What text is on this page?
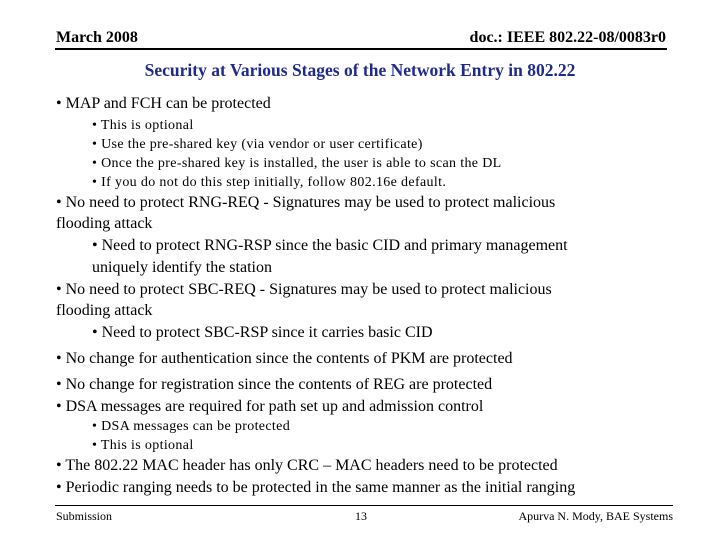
March 2008	doc.: IEEE 802.22-08/0083r0
Security at Various Stages of the Network Entry in 802.22
• MAP and FCH can be protected
• This is optional
• Use the pre-shared key (via vendor or user certificate)
• Once the pre-shared key is installed, the user is able to scan the DL
• If you do not do this step initially, follow 802.16e default.
• No need to protect RNG-REQ - Signatures may be used to protect malicious
flooding attack
• Need to protect RNG-RSP since the basic CID and primary management
uniquely identify the station
• No need to protect SBC-REQ - Signatures may be used to protect malicious
flooding attack
• Need to protect SBC-RSP since it carries basic CID
• No change for authentication since the contents of PKM are protected
• No change for registration since the contents of REG are protected
• DSA messages are required for path set up and admission control
• DSA messages can be protected
• This is optional
• The 802.22 MAC header has only CRC – MAC headers need to be protected
• Periodic ranging needs to be protected in the same manner as the initial ranging
Submission	13	Apurva N. Mody, BAE Systems
